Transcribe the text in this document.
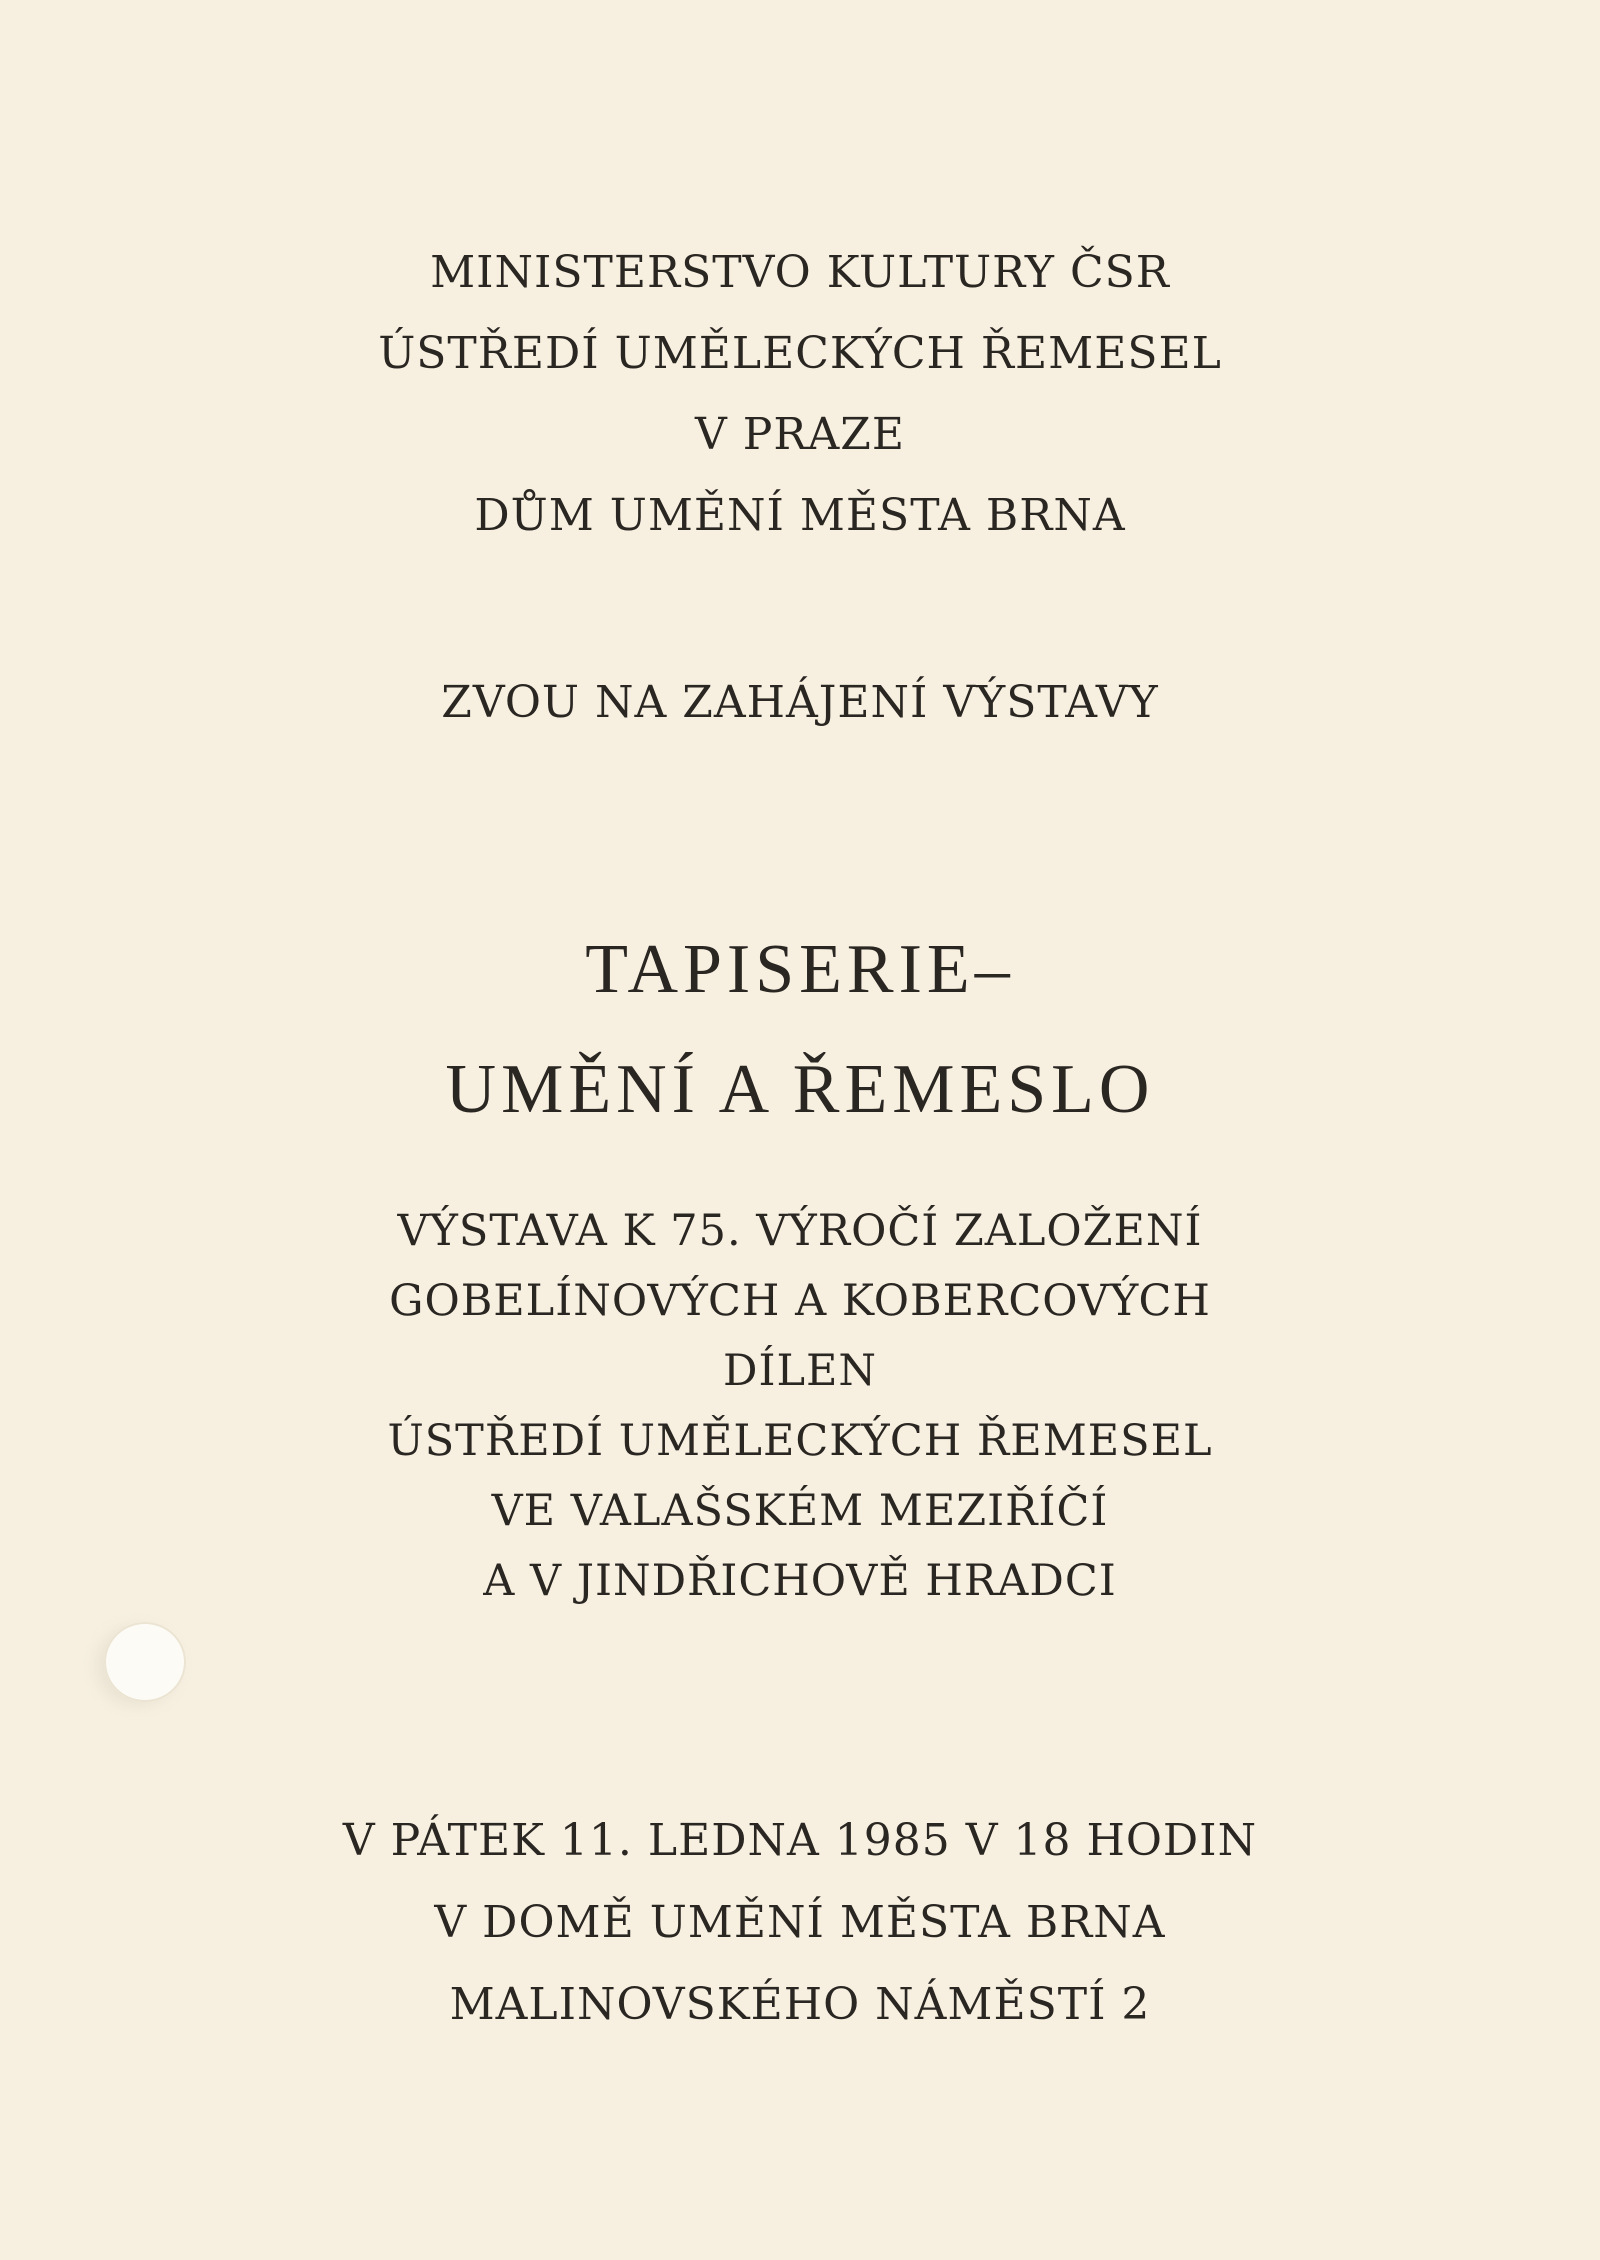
MINISTERSTVO KULTURY ČSR
ÚSTŘEDÍ UMĚLECKÝCH ŘEMESEL
V PRAZE
DŮM UMĚNÍ MĚSTA BRNA
ZVOU NA ZAHÁJENÍ VÝSTAVY
TAPISERIE–
UMĚNÍ A ŘEMESLO
VÝSTAVA K 75. VÝROČÍ ZALOŽENÍ
GOBELÍNOVÝCH A KOBERCOVÝCH
DÍLEN
ÚSTŘEDÍ UMĚLECKÝCH ŘEMESEL
VE VALAŠSKÉM MEZIŘÍČÍ
A V JINDŘICHOVĚ HRADCI
V PÁTEK 11. LEDNA 1985 V 18 HODIN
V DOMĚ UMĚNÍ MĚSTA BRNA
MALINOVSKÉHO NÁMĚSTÍ 2
